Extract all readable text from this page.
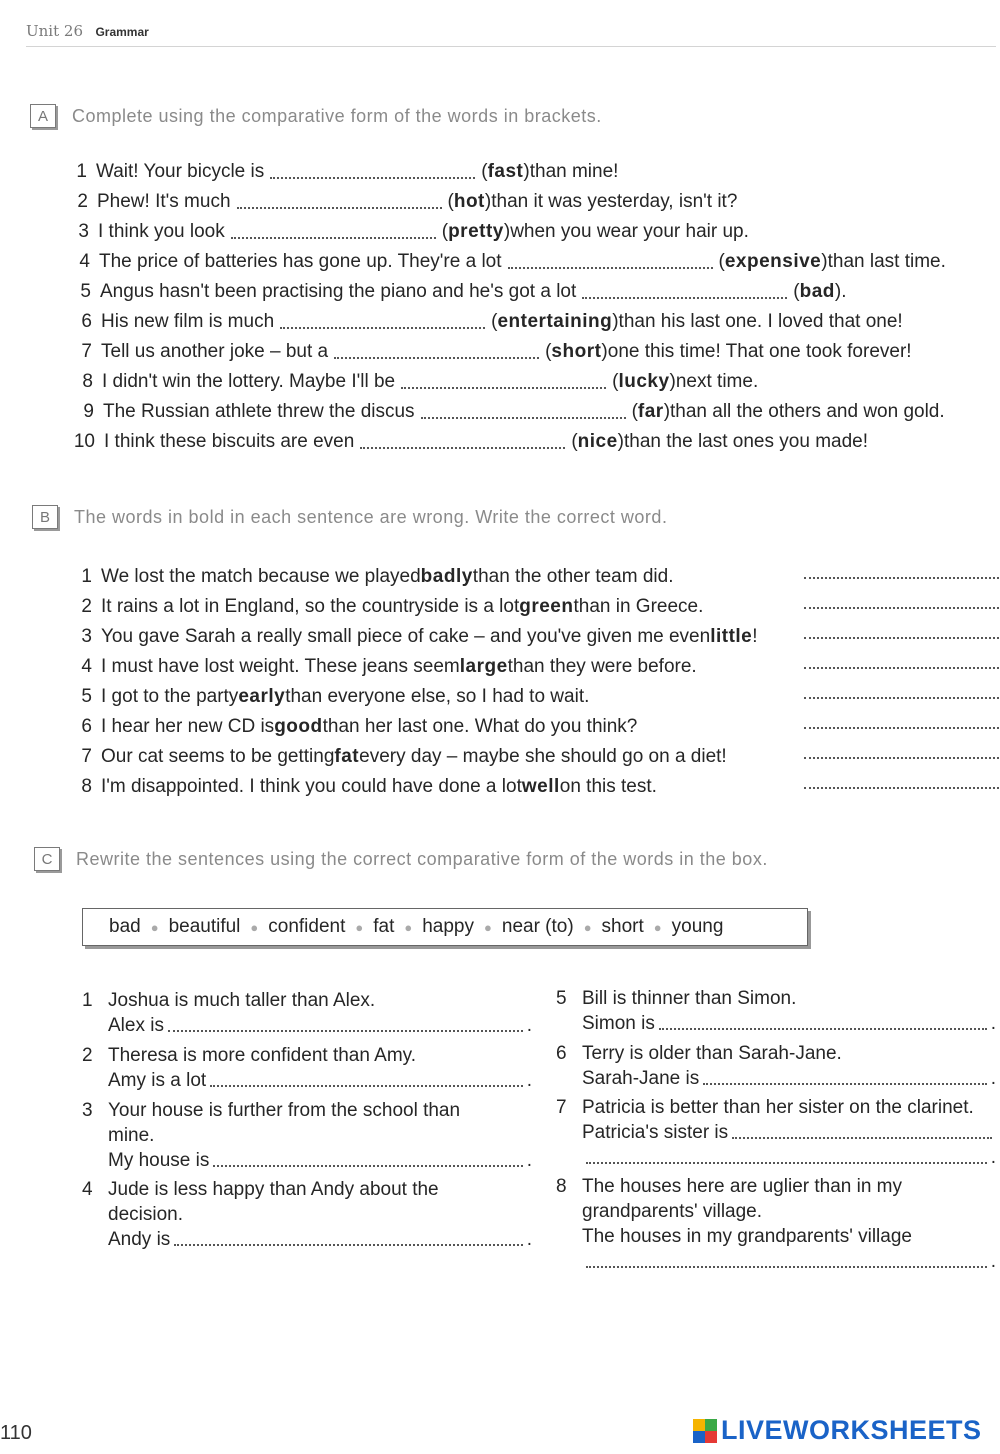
Unit 26 Grammar
A	Complete using the comparative form of the words in brackets.
1 Wait! Your bicycle is	( fast ) than mine!
2 Phew! It's much	( hot ) than it was yesterday, isn't it?
3 I think you look	( pretty ) when you wear your hair up.
4 The price of batteries has gone up. They're a lot	( expensive ) than last time.
5 Angus hasn't been practising the piano and he's got a lot	( bad ) .
6 His new film is much	( entertaining ) than his last one. I loved that one!
7 Tell us another joke – but a	( short ) one this time! That one took forever!
8 I didn't win the lottery. Maybe I'll be	( lucky ) next time.
9 The Russian athlete threw the discus	( far ) than all the others and won gold.
10 I think these biscuits are even	( nice ) than the last ones you made!
B	The words in bold in each sentence are wrong. Write the correct word.
1 We lost the match because we played badly than the other team did.
2 It rains a lot in England, so the countryside is a lot green than in Greece.
3 You gave Sarah a really small piece of cake – and you've given me even little !
4 I must have lost weight. These jeans seem large than they were before.
5 I got to the party early than everyone else, so I had to wait.
6 I hear her new CD is good than her last one. What do you think?
7 Our cat seems to be getting fat every day – maybe she should go on a diet!
8 I'm disappointed. I think you could have done a lot well on this test.
C	Rewrite the sentences using the correct comparative form of the words in the box.
bad ● beautiful ● confident ● fat ● happy ● near (to) ● short ● young
1 Joshua is much taller than Alex.
Alex is	.
2 Theresa is more confident than Amy.
Amy is a lot	.
3 Your house is further from the school than
mine.
My house is	.
4 Jude is less happy than Andy about the
decision.
Andy is	.
5 Bill is thinner than Simon.
Simon is	.
6 Terry is older than Sarah-Jane.
Sarah-Jane is	.
7 Patricia is better than her sister on the clarinet.
Patricia's sister is
.
8 The houses here are uglier than in my
grandparents' village.
The houses in my grandparents' village
.
110	LIVEWORKSHEETS
